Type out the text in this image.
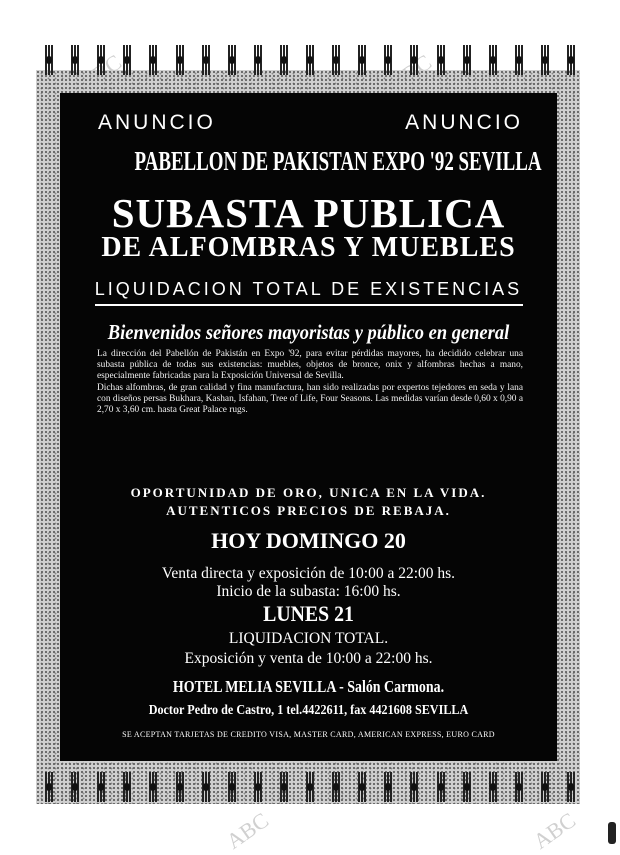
ABC	ABC
ANUNCIO	ANUNCIO
PABELLON DE PAKISTAN EXPO '92 SEVILLA
SUBASTA PUBLICA
DE ALFOMBRAS Y MUEBLES
LIQUIDACION TOTAL DE EXISTENCIAS
Bienvenidos señores mayoristas y público en general

La dirección del Pabellón de Pakistán en Expo '92, para evitar pérdidas mayores, ha decidido celebrar una subasta pública de todas sus existencias: muebles, objetos de bronce, onix y alfombras hechas a mano, especialmente fabricadas para la Exposición Universal de Sevilla.

Dichas alfombras, de gran calidad y fina manufactura, han sido realizadas por expertos tejedores en seda y lana con diseños persas Bukhara, Kashan, Isfahan, Tree of Life, Four Seasons. Las medidas varían desde 0,60 x 0,90 a 2,70 x 3,60 cm. hasta Great Palace rugs.

OPORTUNIDAD DE ORO, UNICA EN LA VIDA.
AUTENTICOS PRECIOS DE REBAJA.
HOY DOMINGO 20
Venta directa y exposición de 10:00 a 22:00 hs.
Inicio de la subasta: 16:00 hs.
LUNES 21
LIQUIDACION TOTAL.
Exposición y venta de 10:00 a 22:00 hs.
HOTEL MELIA SEVILLA - Salón Carmona.
Doctor Pedro de Castro, 1 tel.4422611, fax 4421608 SEVILLA
SE ACEPTAN TARJETAS DE CREDITO VISA, MASTER CARD, AMERICAN EXPRESS, EURO CARD
